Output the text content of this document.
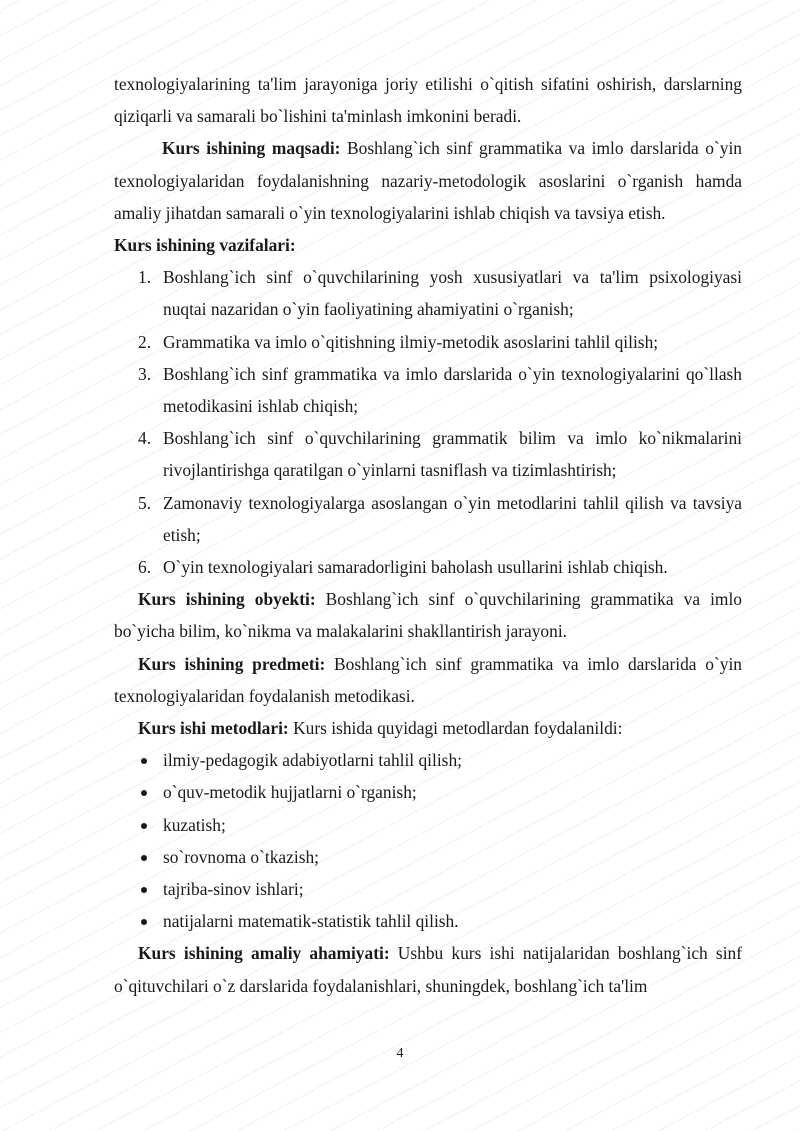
texnologiyalarining ta'lim jarayoniga joriy etilishi o`qitish sifatini oshirish, darslarning qiziqarli va samarali bo`lishini ta'minlash imkonini beradi.

Kurs ishining maqsadi: Boshlang`ich sinf grammatika va imlo darslarida o`yin texnologiyalaridan foydalanishning nazariy-metodologik asoslarini o`rganish hamda amaliy jihatdan samarali o`yin texnologiyalarini ishlab chiqish va tavsiya etish.

Kurs ishining vazifalari:

1. Boshlang`ich sinf o`quvchilarining yosh xususiyatlari va ta'lim psixologiyasi nuqtai nazaridan o`yin faoliyatining ahamiyatini o`rganish;
2. Grammatika va imlo o`qitishning ilmiy-metodik asoslarini tahlil qilish;
3. Boshlang`ich sinf grammatika va imlo darslarida o`yin texnologiyalarini qo`llash metodikasini ishlab chiqish;
4. Boshlang`ich sinf o`quvchilarining grammatik bilim va imlo ko`nikmalarini rivojlantirishga qaratilgan o`yinlarni tasniflash va tizimlashtirish;
5. Zamonaviy texnologiyalarga asoslangan o`yin metodlarini tahlil qilish va tavsiya etish;
6. O`yin texnologiyalari samaradorligini baholash usullarini ishlab chiqish.

Kurs ishining obyekti: Boshlang`ich sinf o`quvchilarining grammatika va imlo bo`yicha bilim, ko`nikma va malakalarini shakllantirish jarayoni.

Kurs ishining predmeti: Boshlang`ich sinf grammatika va imlo darslarida o`yin texnologiyalaridan foydalanish metodikasi.

Kurs ishi metodlari: Kurs ishida quyidagi metodlardan foydalanildi:

ilmiy-pedagogik adabiyotlarni tahlil qilish;
o`quv-metodik hujjatlarni o`rganish;
kuzatish;
so`rovnoma o`tkazish;
tajriba-sinov ishlari;
natijalarni matematik-statistik tahlil qilish.

Kurs ishining amaliy ahamiyati: Ushbu kurs ishi natijalaridan boshlang`ich sinf o`qituvchilari o`z darslarida foydalanishlari, shuningdek, boshlang`ich ta'lim

4
